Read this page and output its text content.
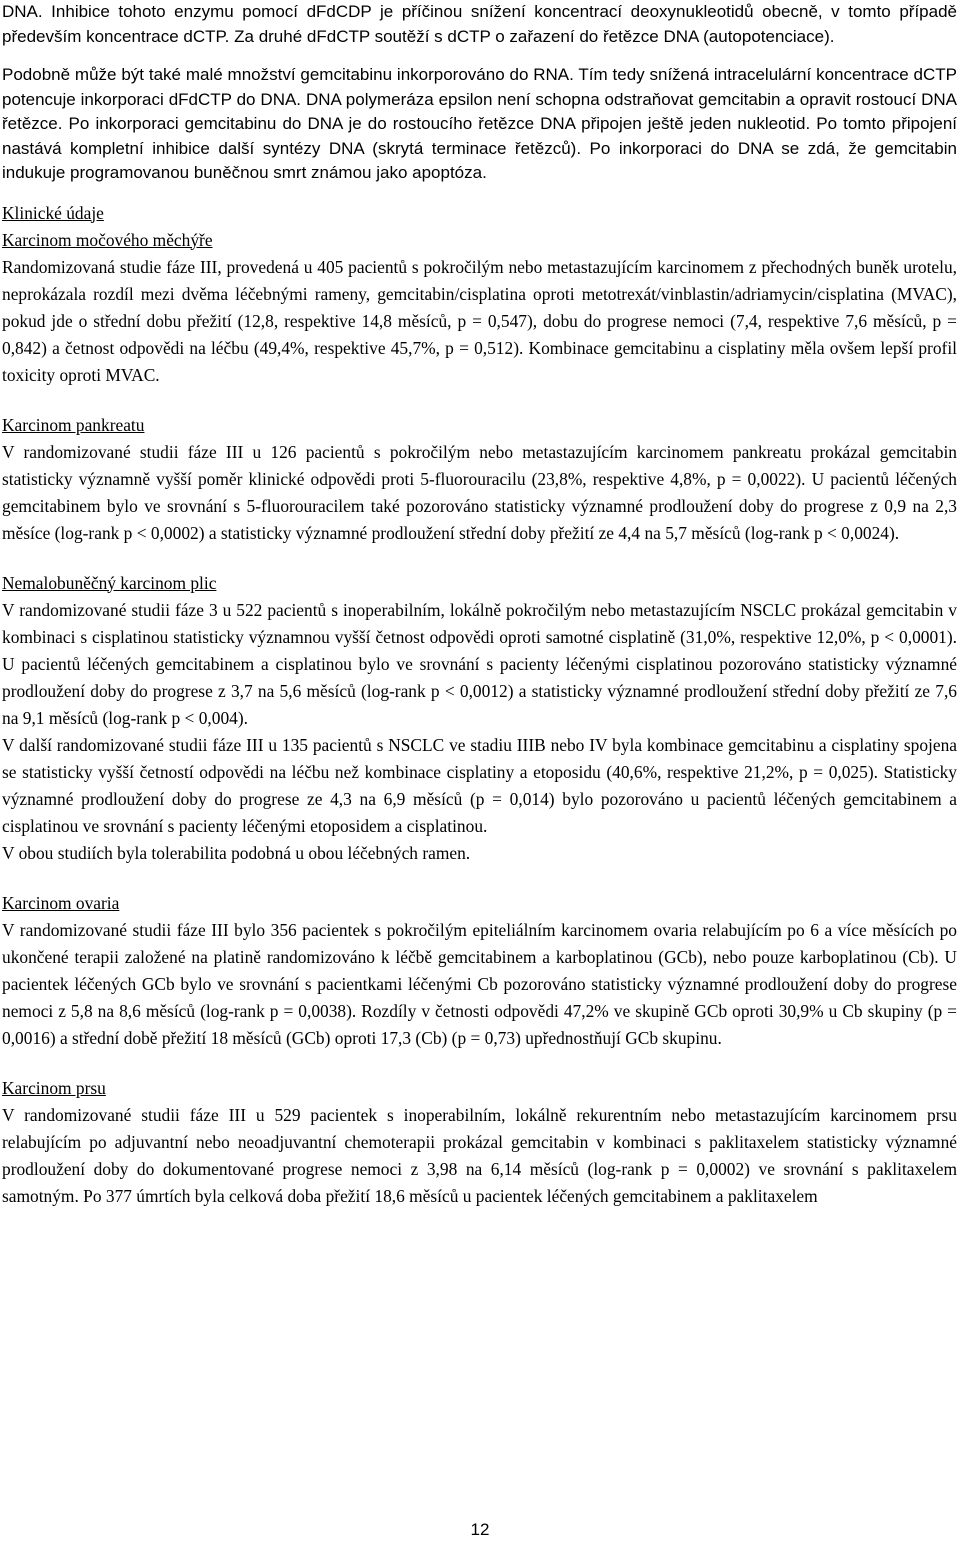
DNA. Inhibice tohoto enzymu pomocí dFdCDP je příčinou snížení koncentrací deoxynukleotidů obecně, v tomto případě především koncentrace dCTP. Za druhé dFdCTP soutěží s dCTP o zařazení do řetězce DNA (autopotenciace).

Podobně může být také malé množství gemcitabinu inkorporováno do RNA. Tím tedy snížená intracelulární koncentrace dCTP potencuje inkorporaci dFdCTP do DNA. DNA polymeráza epsilon není schopna odstraňovat gemcitabin a opravit rostoucí DNA řetězce. Po inkorporaci gemcitabinu do DNA je do rostoucího řetězce DNA připojen ještě jeden nukleotid. Po tomto připojení nastává kompletní inhibice další syntézy DNA (skrytá terminace řetězců). Po inkorporaci do DNA se zdá, že gemcitabin indukuje programovanou buněčnou smrt známou jako apoptóza.

Klinické údaje
Karcinom močového měchýře

Randomizovaná studie fáze III, provedená u 405 pacientů s pokročilým nebo metastazujícím karcinomem z přechodných buněk urotelu, neprokázala rozdíl mezi dvěma léčebnými rameny, gemcitabin/cisplatina oproti metotrexát/vinblastin/adriamycin/cisplatina (MVAC), pokud jde o střední dobu přežití (12,8, respektive 14,8 měsíců, p = 0,547), dobu do progrese nemoci (7,4, respektive 7,6 měsíců, p = 0,842) a četnost odpovědi na léčbu (49,4%, respektive 45,7%, p = 0,512). Kombinace gemcitabinu a cisplatiny měla ovšem lepší profil toxicity oproti MVAC.

Karcinom pankreatu

V randomizované studii fáze III u 126 pacientů s pokročilým nebo metastazujícím karcinomem pankreatu prokázal gemcitabin statisticky významně vyšší poměr klinické odpovědi proti 5-fluorouracilu (23,8%, respektive 4,8%, p = 0,0022). U pacientů léčených gemcitabinem bylo ve srovnání s 5-fluorouracilem také pozorováno statisticky významné prodloužení doby do progrese z 0,9 na 2,3 měsíce (log-rank p < 0,0002) a statisticky významné prodloužení střední doby přežití ze 4,4 na 5,7 měsíců (log-rank p < 0,0024).

Nemalobuněčný karcinom plic

V randomizované studii fáze 3 u 522 pacientů s inoperabilním, lokálně pokročilým nebo metastazujícím NSCLC prokázal gemcitabin v kombinaci s cisplatinou statisticky významnou vyšší četnost odpovědi oproti samotné cisplatině (31,0%, respektive 12,0%, p < 0,0001). U pacientů léčených gemcitabinem a cisplatinou bylo ve srovnání s pacienty léčenými cisplatinou pozorováno statisticky významné prodloužení doby do progrese z 3,7 na 5,6 měsíců (log-rank p < 0,0012) a statisticky významné prodloužení střední doby přežití ze 7,6 na 9,1 měsíců (log-rank p < 0,004).

V další randomizované studii fáze III u 135 pacientů s NSCLC ve stadiu IIIB nebo IV byla kombinace gemcitabinu a cisplatiny spojena se statisticky vyšší četností odpovědi na léčbu než kombinace cisplatiny a etoposidu (40,6%, respektive 21,2%, p = 0,025). Statisticky významné prodloužení doby do progrese ze 4,3 na 6,9 měsíců (p = 0,014) bylo pozorováno u pacientů léčených gemcitabinem a cisplatinou ve srovnání s pacienty léčenými etoposidem a cisplatinou.

V obou studiích byla tolerabilita podobná u obou léčebných ramen.

Karcinom ovaria

V randomizované studii fáze III bylo 356 pacientek s pokročilým epiteliálním karcinomem ovaria relabujícím po 6 a více měsících po ukončené terapii založené na platině randomizováno k léčbě gemcitabinem a karboplatinou (GCb), nebo pouze karboplatinou (Cb). U pacientek léčených GCb bylo ve srovnání s pacientkami léčenými Cb pozorováno statisticky významné prodloužení doby do progrese nemoci z 5,8 na 8,6 měsíců (log-rank p = 0,0038). Rozdíly v četnosti odpovědi 47,2% ve skupině GCb oproti 30,9% u Cb skupiny (p = 0,0016) a střední době přežití 18 měsíců (GCb) oproti 17,3 (Cb) (p = 0,73) upřednostňují GCb skupinu.

Karcinom prsu

V randomizované studii fáze III u 529 pacientek s inoperabilním, lokálně rekurentním nebo metastazujícím karcinomem prsu relabujícím po adjuvantní nebo neoadjuvantní chemoterapii prokázal gemcitabin v kombinaci s paklitaxelem statisticky významné prodloužení doby do dokumentované progrese nemoci z 3,98 na 6,14 měsíců (log-rank p = 0,0002) ve srovnání s paklitaxelem samotným. Po 377 úmrtích byla celková doba přežití 18,6 měsíců u pacientek léčených gemcitabinem a paklitaxelem

12
